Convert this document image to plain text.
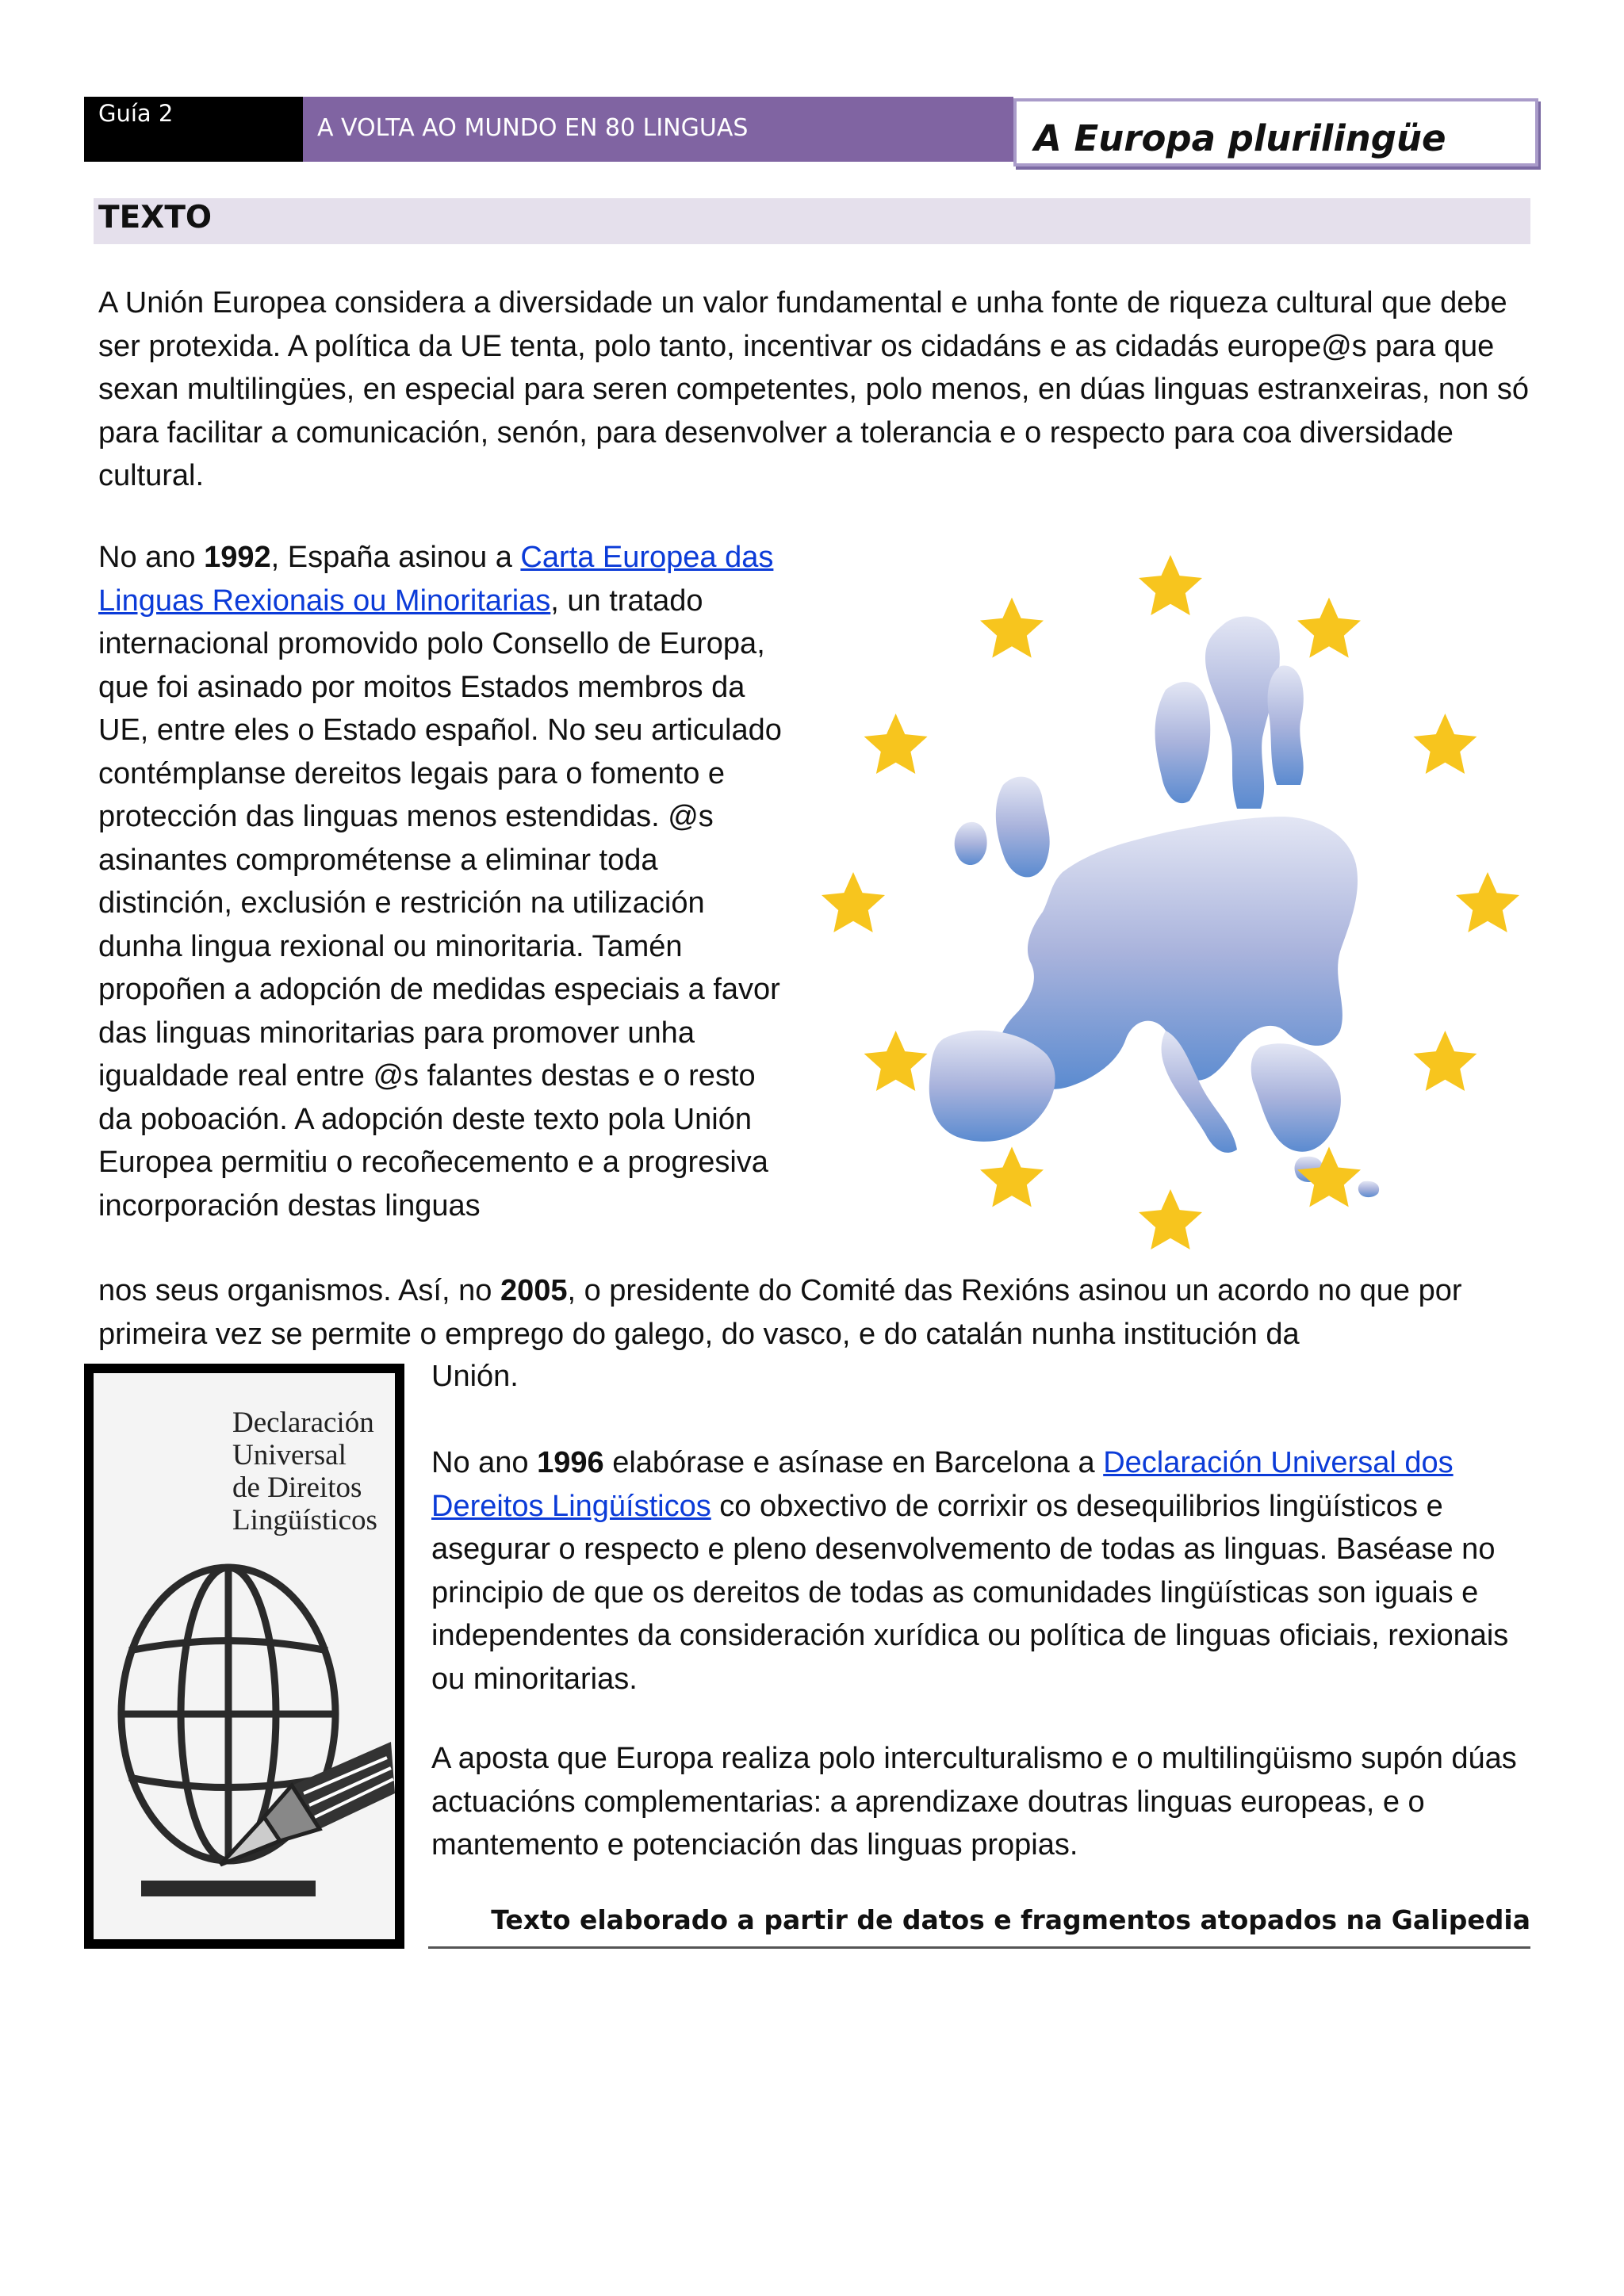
Guía 2
A VOLTA AO MUNDO EN 80 LINGUAS	A Europa plurilingüe
TEXTO

A Unión Europea considera a diversidade un valor fundamental e unha fonte de riqueza cultural que debe ser protexida. A política da UE tenta, polo tanto, incentivar os cidadáns e as cidadás europe@s para que sexan multilingües, en especial para seren competentes, polo menos, en dúas linguas estranxeiras, non só para facilitar a comunicación, senón, para desenvolver a tolerancia e o respecto para coa diversidade cultural.

No ano 1992, España asinou a Carta Europea das Linguas Rexionais ou Minoritarias, un tratado internacional promovido polo Consello de Europa, que foi asinado por moitos Estados membros da UE, entre eles o Estado español. No seu articulado contémplanse dereitos legais para o fomento e protección das linguas menos estendidas. @s asinantes comprométense a eliminar toda distinción, exclusión e restrición na utilización dunha lingua rexional ou minoritaria. Tamén propoñen a adopción de medidas especiais a favor das linguas minoritarias para promover unha igualdade real entre @s falantes destas e o resto da poboación. A adopción deste texto pola Unión Europea permitiu o recoñecemento e a progresiva incorporación destas linguas

nos seus organismos. Así, no 2005, o presidente do Comité das Rexións asinou un acordo no que por primeira vez se permite o emprego do galego, do vasco, e do catalán nunha institución da

Unión.

Declaración
Universal
de Direitos
Lingüísticos

No ano 1996 elabórase e asínase en Barcelona a Declaración Universal dos Dereitos Lingüísticos co obxectivo de corrixir os desequilibrios lingüísticos e asegurar o respecto e pleno desenvolvemento de todas as linguas. Baséase no principio de que os dereitos de todas as comunidades lingüísticas son iguais e independentes da consideración xurídica ou política de linguas oficiais, rexionais ou minoritarias.

A aposta que Europa realiza polo interculturalismo e o multilingüismo supón dúas actuacións complementarias: a aprendizaxe doutras linguas europeas, e o mantemento e potenciación das linguas propias.

Texto elaborado a partir de datos e fragmentos atopados na Galipedia
